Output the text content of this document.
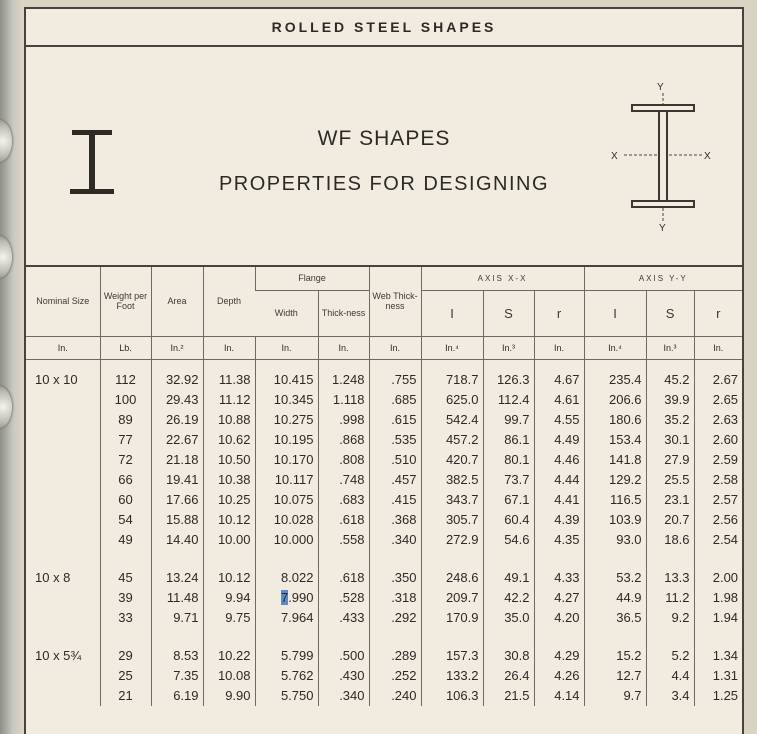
ROLLED STEEL SHAPES
WF SHAPES
PROPERTIES FOR DESIGNING
Y
Y
X	X
Nominal Size	Weight per Foot	Area	Depth	Flange		Web Thick-ness	AXIS X-X			AXIS Y-Y		
				Width	Thick-ness		I	S	r	I	S	r
In.	Lb.	In.²	In.	In.	In.	In.	In.⁴	In.³	In.	In.⁴	In.³	In.

10 x 10	112	32.92	11.38	10.415	1.248	.755	718.7	126.3	4.67	235.4	45.2	2.67
	100	29.43	11.12	10.345	1.118	.685	625.0	112.4	4.61	206.6	39.9	2.65
	89	26.19	10.88	10.275	.998	.615	542.4	99.7	4.55	180.6	35.2	2.63
	77	22.67	10.62	10.195	.868	.535	457.2	86.1	4.49	153.4	30.1	2.60
	72	21.18	10.50	10.170	.808	.510	420.7	80.1	4.46	141.8	27.9	2.59
	66	19.41	10.38	10.117	.748	.457	382.5	73.7	4.44	129.2	25.5	2.58
	60	17.66	10.25	10.075	.683	.415	343.7	67.1	4.41	116.5	23.1	2.57
	54	15.88	10.12	10.028	.618	.368	305.7	60.4	4.39	103.9	20.7	2.56
	49	14.40	10.00	10.000	.558	.340	272.9	54.6	4.35	93.0	18.6	2.54

10 x 8	45	13.24	10.12	8.022	.618	.350	248.6	49.1	4.33	53.2	13.3	2.00
	39	11.48	9.94	7.990	.528	.318	209.7	42.2	4.27	44.9	11.2	1.98
	33	9.71	9.75	7.964	.433	.292	170.9	35.0	4.20	36.5	9.2	1.94

10 x 5¾	29	8.53	10.22	5.799	.500	.289	157.3	30.8	4.29	15.2	5.2	1.34
	25	7.35	10.08	5.762	.430	.252	133.2	26.4	4.26	12.7	4.4	1.31
	21	6.19	9.90	5.750	.340	.240	106.3	21.5	4.14	9.7	3.4	1.25
